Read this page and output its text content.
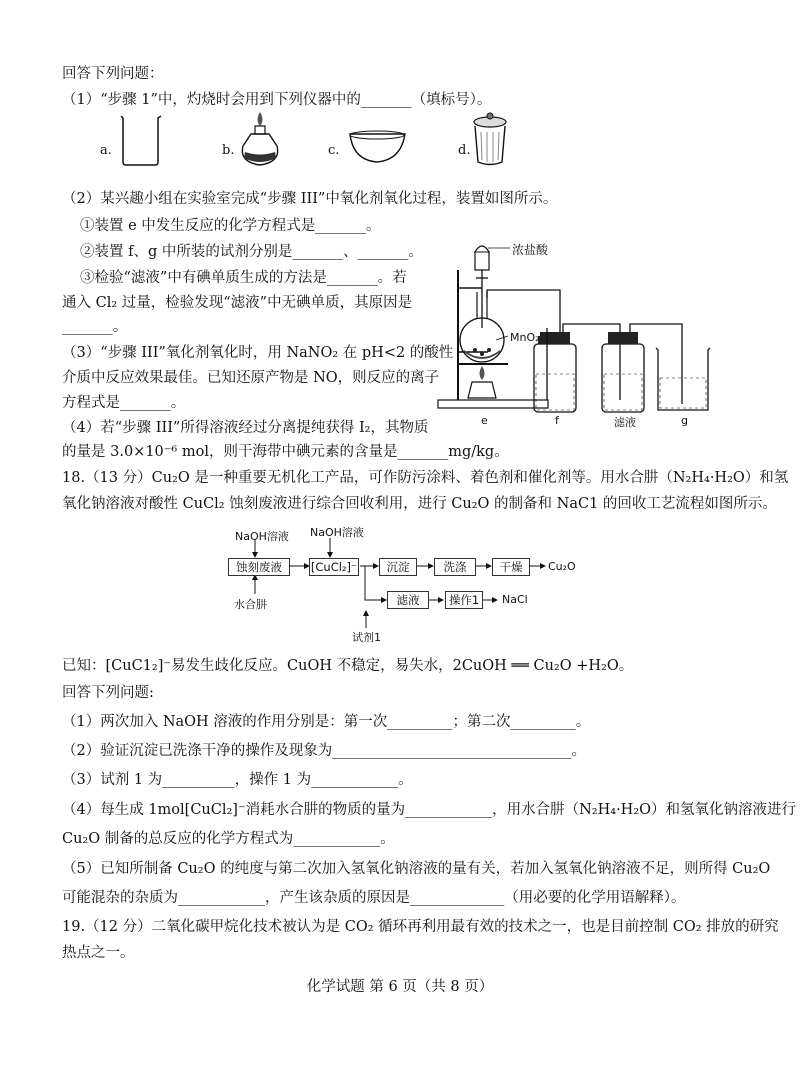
回答下列问题：
（1）“步骤 1”中，灼烧时会用到下列仪器中的_______（填标号）。
a.	b.	c.	d.
（2）某兴趣小组在实验室完成“步骤 III”中氧化剂氧化过程，装置如图所示。
①装置 e 中发生反应的化学方程式是_______。
②装置 f、g 中所装的试剂分别是_______、_______。
③检验“滤液”中有碘单质生成的方法是_______。若
通入 Cl₂ 过量，检验发现“滤液”中无碘单质，其原因是
_______。
（3）“步骤 III”氧化剂氧化时，用 NaNO₂ 在 pH<2 的酸性
介质中反应效果最佳。已知还原产物是 NO，则反应的离子
方程式是_______。
（4）若“步骤 III”所得溶液经过分离提纯获得 I₂，其物质
的量是 3.0×10⁻⁶ mol，则干海带中碘元素的含量是_______mg/kg。
浓盐酸
MnO₂
e	f	滤液	g
18.（13 分）Cu₂O 是一种重要无机化工产品，可作防污涂料、着色剂和催化剂等。用水合肼（N₂H₄·H₂O）和氢
氧化钠溶液对酸性 CuCl₂ 蚀刻废液进行综合回收利用，进行 Cu₂O 的制备和 NaC1 的回收工艺流程如图所示。
NaOH溶液 NaOH溶液
蚀刻废液	[CuCl₂]⁻	沉淀	洗涤	干燥	Cu₂O
水合肼	滤液	操作1	NaCl
试剂1
已知：[CuC1₂]⁻易发生歧化反应。CuOH 不稳定，易失水，2CuOH ══ Cu₂O +H₂O。
回答下列问题:
（1）两次加入 NaOH 溶液的作用分别是：第一次_________；第二次_________。
（2）验证沉淀已洗涤干净的操作及现象为_________________________________。
（3）试剂 1 为__________，操作 1 为____________。
（4）每生成 1mol[CuCl₂]⁻消耗水合肼的物质的量为____________，用水合肼（N₂H₄·H₂O）和氢氧化钠溶液进行
Cu₂O 制备的总反应的化学方程式为____________。
（5）已知所制备 Cu₂O 的纯度与第二次加入氢氧化钠溶液的量有关，若加入氢氧化钠溶液不足，则所得 Cu₂O
可能混杂的杂质为____________，产生该杂质的原因是_____________（用必要的化学用语解释）。
19.（12 分）二氧化碳甲烷化技术被认为是 CO₂ 循环再利用最有效的技术之一，也是目前控制 CO₂ 排放的研究
热点之一。
化学试题 第 6 页（共 8 页）
